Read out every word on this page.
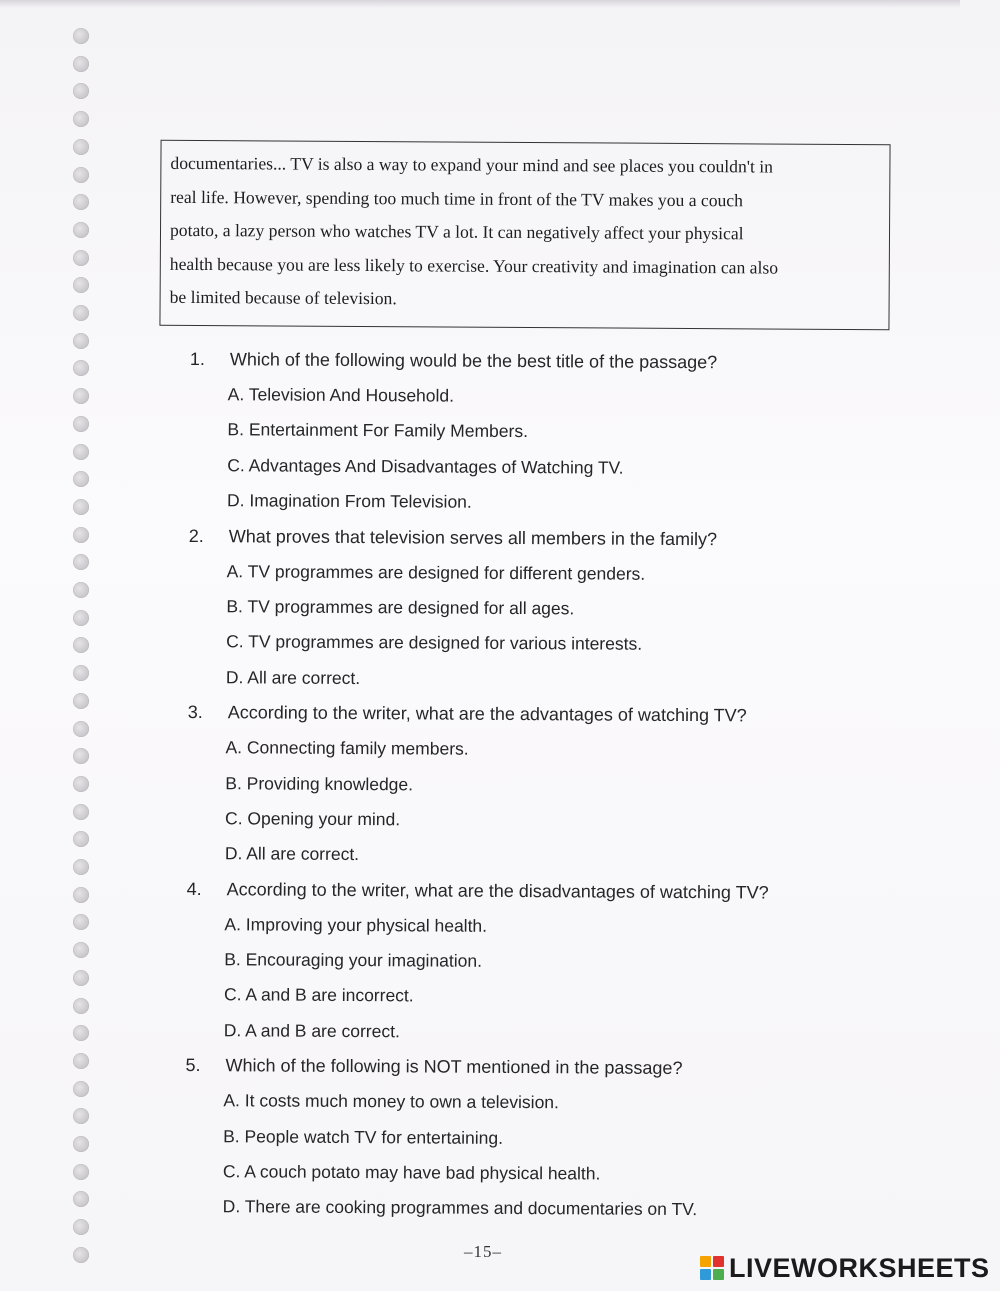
documentaries... TV is also a way to expand your mind and see places you couldn't in
real life. However, spending too much time in front of the TV makes you a couch
potato, a lazy person who watches TV a lot. It can negatively affect your physical
health because you are less likely to exercise. Your creativity and imagination can also
be limited because of television.
1.	Which of the following would be the best title of the passage?
A. Television And Household.
B. Entertainment For Family Members.
C. Advantages And Disadvantages of Watching TV.
D. Imagination From Television.
2.	What proves that television serves all members in the family?
A. TV programmes are designed for different genders.
B. TV programmes are designed for all ages.
C. TV programmes are designed for various interests.
D. All are correct.
3.	According to the writer, what are the advantages of watching TV?
A. Connecting family members.
B. Providing knowledge.
C. Opening your mind.
D. All are correct.
4.	According to the writer, what are the disadvantages of watching TV?
A. Improving your physical health.
B. Encouraging your imagination.
C. A and B are incorrect.
D. A and B are correct.
5.	Which of the following is NOT mentioned in the passage?
A. It costs much money to own a television.
B. People watch TV for entertaining.
C. A couch potato may have bad physical health.
D. There are cooking programmes and documentaries on TV.
–15–
LIVEWORKSHEETS
